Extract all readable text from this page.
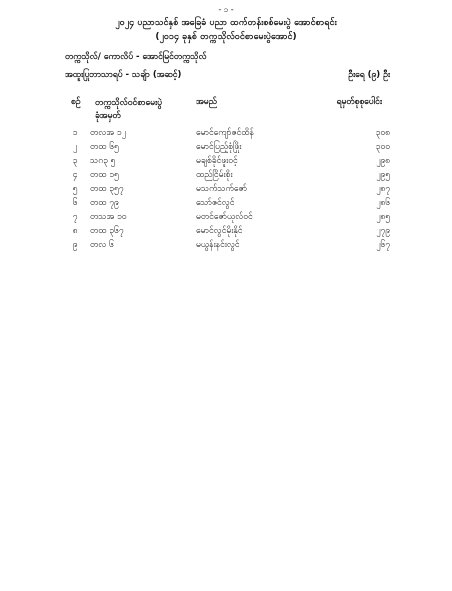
- ၁ -
၂၀၂၄ ပညာသင်နှစ် အခြေခံ ပညာ ထက်တန်းစစ်မေးပွဲ အောင်စာရင်း
(၂၀၁၄ ခုနှစ် တက္ကသိုလ်ဝင်စာမေးပွဲအောင်)
တက္ကသိုလ်/ ကောလိပ် - အောင်မြင်တက္ကသိုလ်
အထူးပြုဘာသာရပ် - သချ်ာ (အဆင့်)	ဦးရေ (၉) ဦး
စဉ် တက္ကသိုလ်ဝင်စာမေးပွဲ
ခုံအမှတ်
အမည်	ရမှတ်စုစုပေါင်း
၁	တလအ ၁၂	မောင်ကျော်ဇင်ထိန်	၃၀၈
၂	တထ ၆၅	မောင်ပြည့်စုံဖြိုး	၃၀၀
၃	သဂ၃ ၅	မချစ်ခိုင်ဖူးဝင့်	၂၉၈
၄	တထ ၁၅	ထည်ငြိမ်းစိုး	၂၉၅
၅	တထ ၃၅၇	မသက်သက်ဇော်	၂၈၇
၆	တထ ၇၉	သော်ဇင်လွင်	၂၈၆
၇	တသအ ၁၀	မတင်ဇော်ယုလ်ဝင်	၂၈၅
၈	တထ ၃၆၇	မောင်လွင်မိုးနိုင်	၂၇၉
၉	တလ ၆	မယွန်းနင်းလွင်	၂၆၇
